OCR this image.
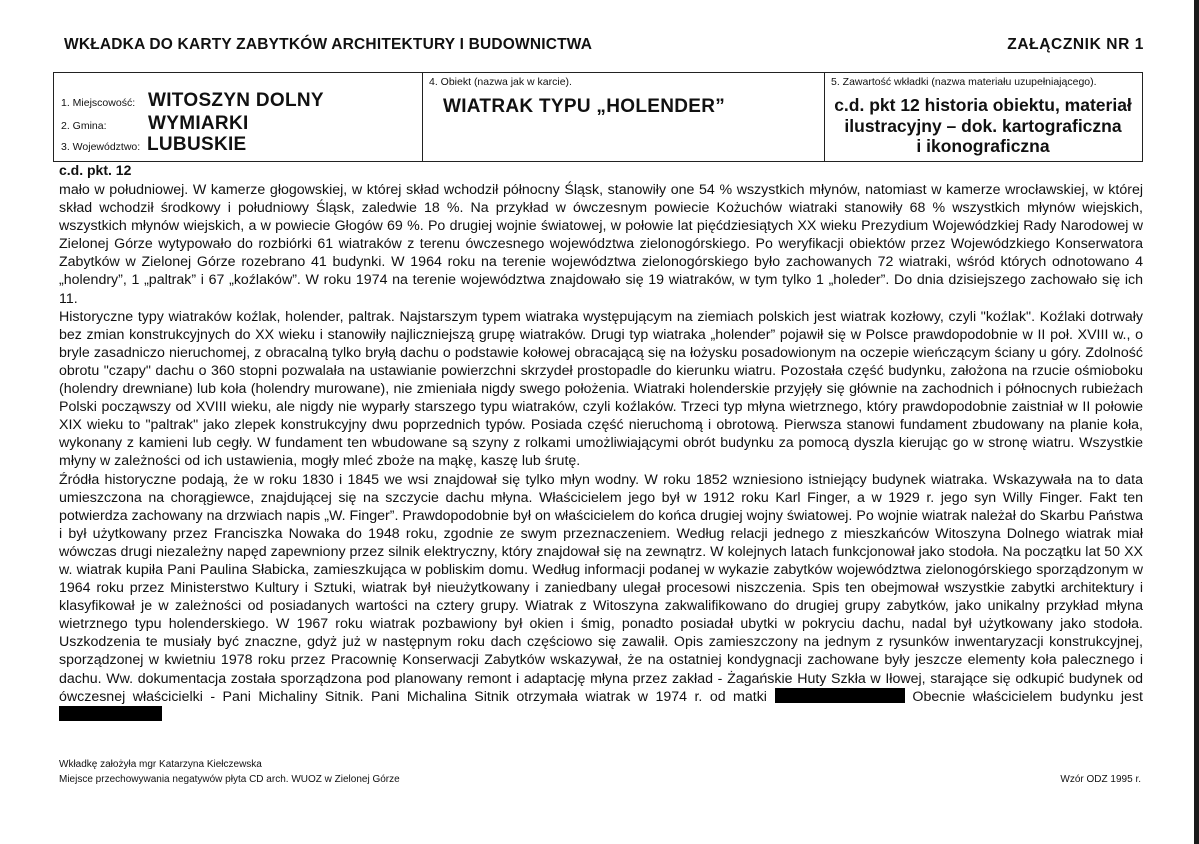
WKŁADKA DO KARTY ZABYTKÓW ARCHITEKTURY I BUDOWNICTWA	ZAŁĄCZNIK NR 1
1. Miejscowość: WITOSZYN DOLNY
2. Gmina: WYMIARKI
3. Województwo: LUBUSKIE
4. Obiekt (nazwa jak w karcie).
WIATRAK TYPU „HOLENDER”
5. Zawartość wkładki (nazwa materiału uzupełniającego).
c.d. pkt 12 historia obiektu, materiał
ilustracyjny – dok. kartograficzna
i ikonograficzna
c.d. pkt. 12

mało w południowej. W kamerze głogowskiej, w której skład wchodził północny Śląsk, stanowiły one 54 % wszystkich młynów, natomiast w kamerze wrocławskiej, w której skład wchodził środkowy i południowy Śląsk, zaledwie 18 %. Na przykład w ówczesnym powiecie Kożuchów wiatraki stanowiły 68 % wszystkich młynów wiejskich, wszystkich młynów wiejskich, a w powiecie Głogów 69 %. Po drugiej wojnie światowej, w połowie lat pięćdziesiątych XX wieku Prezydium Wojewódzkiej Rady Narodowej w Zielonej Górze wytypowało do rozbiórki 61 wiatraków z terenu ówczesnego województwa zielonogórskiego. Po weryfikacji obiektów przez Wojewódzkiego Konserwatora Zabytków w Zielonej Górze rozebrano 41 budynki. W 1964 roku na terenie województwa zielonogórskiego było zachowanych 72 wiatraki, wśród których odnotowano 4 „holendry”, 1 „paltrak” i 67 „koźlaków”. W roku 1974 na terenie województwa znajdowało się 19 wiatraków, w tym tylko 1 „holeder”. Do dnia dzisiejszego zachowało się ich 11.

Historyczne typy wiatraków koźlak, holender, paltrak. Najstarszym typem wiatraka występującym na ziemiach polskich jest wiatrak kozłowy, czyli "koźlak". Koźlaki dotrwały bez zmian konstrukcyjnych do XX wieku i stanowiły najliczniejszą grupę wiatraków. Drugi typ wiatraka „holender” pojawił się w Polsce prawdopodobnie w II poł. XVIII w., o bryle zasadniczo nieruchomej, z obracalną tylko bryłą dachu o podstawie kołowej obracającą się na łożysku posadowionym na oczepie wieńczącym ściany u góry. Zdolność obrotu "czapy" dachu o 360 stopni pozwalała na ustawianie powierzchni skrzydeł prostopadle do kierunku wiatru. Pozostała część budynku, założona na rzucie ośmioboku (holendry drewniane) lub koła (holendry murowane), nie zmieniała nigdy swego położenia. Wiatraki holenderskie przyjęły się głównie na zachodnich i północnych rubieżach Polski począwszy od XVIII wieku, ale nigdy nie wyparły starszego typu wiatraków, czyli koźlaków. Trzeci typ młyna wietrznego, który prawdopodobnie zaistniał w II połowie XIX wieku to "paltrak" jako zlepek konstrukcyjny dwu poprzednich typów. Posiada część nieruchomą i obrotową. Pierwsza stanowi fundament zbudowany na planie koła, wykonany z kamieni lub cegły. W fundament ten wbudowane są szyny z rolkami umożliwiającymi obrót budynku za pomocą dyszla kierując go w stronę wiatru. Wszystkie młyny w zależności od ich ustawienia, mogły mleć zboże na mąkę, kaszę lub śrutę.

Źródła historyczne podają, że w roku 1830 i 1845 we wsi znajdował się tylko młyn wodny. W roku 1852 wzniesiono istniejący budynek wiatraka. Wskazywała na to data umieszczona na chorągiewce, znajdującej się na szczycie dachu młyna. Właścicielem jego był w 1912 roku Karl Finger, a w 1929 r. jego syn Willy Finger. Fakt ten potwierdza zachowany na drzwiach napis „W. Finger”. Prawdopodobnie był on właścicielem do końca drugiej wojny światowej. Po wojnie wiatrak należał do Skarbu Państwa i był użytkowany przez Franciszka Nowaka do 1948 roku, zgodnie ze swym przeznaczeniem. Według relacji jednego z mieszkańców Witoszyna Dolnego wiatrak miał wówczas drugi niezależny napęd zapewniony przez silnik elektryczny, który znajdował się na zewnątrz. W kolejnych latach funkcjonował jako stodoła. Na początku lat 50 XX w. wiatrak kupiła Pani Paulina Słabicka, zamieszkująca w pobliskim domu. Według informacji podanej w wykazie zabytków województwa zielonogórskiego sporządzonym w 1964 roku przez Ministerstwo Kultury i Sztuki, wiatrak był nieużytkowany i zaniedbany ulegał procesowi niszczenia. Spis ten obejmował wszystkie zabytki architektury i klasyfikował je w zależności od posiadanych wartości na cztery grupy. Wiatrak z Witoszyna zakwalifikowano do drugiej grupy zabytków, jako unikalny przykład młyna wietrznego typu holenderskiego. W 1967 roku wiatrak pozbawiony był okien i śmig, ponadto posiadał ubytki w pokryciu dachu, nadal był użytkowany jako stodoła. Uszkodzenia te musiały być znaczne, gdyż już w następnym roku dach częściowo się zawalił. Opis zamieszczony na jednym z rysunków inwentaryzacji konstrukcyjnej, sporządzonej w kwietniu 1978 roku przez Pracownię Konserwacji Zabytków wskazywał, że na ostatniej kondygnacji zachowane były jeszcze elementy koła palecznego i dachu. Ww. dokumentacja została sporządzona pod planowany remont i adaptację młyna przez zakład - Żagańskie Huty Szkła w Iłowej, starające się odkupić budynek od ówczesnej właścicielki - Pani Michaliny Sitnik. Pani Michalina Sitnik otrzymała wiatrak w 1974 r. od matki	Obecnie właścicielem budynku jest

Wkładkę założyła mgr Katarzyna Kiełczewska
Miejsce przechowywania negatywów płyta CD arch. WUOZ w Zielonej Górze	Wzór ODZ 1995 r.
